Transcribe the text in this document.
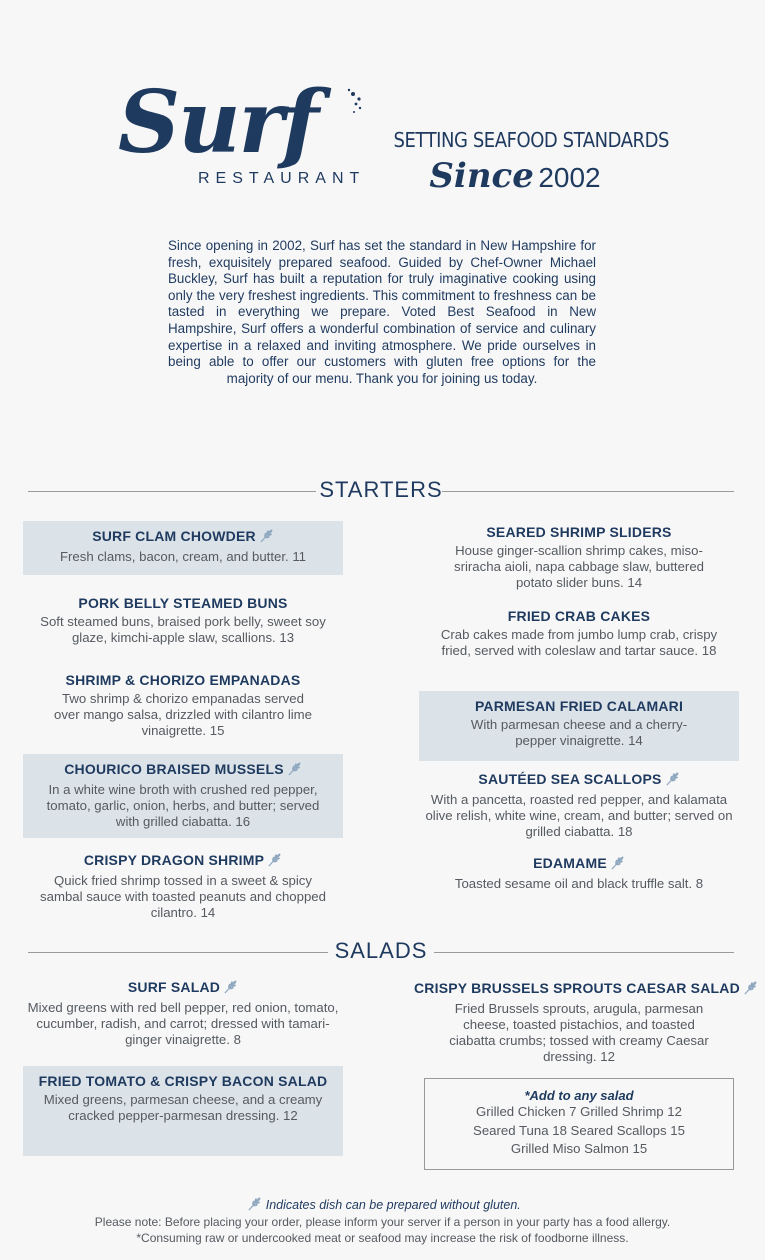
Surf
RESTAURANT
SETTING SEAFOOD STANDARDS
Since 2002
Since opening in 2002, Surf has set the standard in New Hampshire for fresh, exquisitely prepared seafood. Guided by Chef-Owner Michael Buckley, Surf has built a reputation for truly imaginative cooking using only the very freshest ingredients. This commitment to freshness can be tasted in everything we prepare. Voted Best Seafood in New Hampshire, Surf offers a wonderful combination of service and culinary expertise in a relaxed and inviting atmosphere. We pride ourselves in being able to offer our customers with gluten free options for the majority of our menu. Thank you for joining us today.
STARTERS
SURF CLAM CHOWDER
Fresh clams, bacon, cream, and butter. 11
PORK BELLY STEAMED BUNS
Soft steamed buns, braised pork belly, sweet soy glaze, kimchi-apple slaw, scallions. 13
SHRIMP & CHORIZO EMPANADAS
Two shrimp & chorizo empanadas served over mango salsa, drizzled with cilantro lime vinaigrette. 15
CHOURICO BRAISED MUSSELS
In a white wine broth with crushed red pepper, tomato, garlic, onion, herbs, and butter; served with grilled ciabatta. 16
CRISPY DRAGON SHRIMP
Quick fried shrimp tossed in a sweet & spicy sambal sauce with toasted peanuts and chopped cilantro. 14
SEARED SHRIMP SLIDERS
House ginger-scallion shrimp cakes, miso-sriracha aioli, napa cabbage slaw, buttered potato slider buns. 14
FRIED CRAB CAKES
Crab cakes made from jumbo lump crab, crispy fried, served with coleslaw and tartar sauce. 18
PARMESAN FRIED CALAMARI
With parmesan cheese and a cherry-pepper vinaigrette. 14
SAUTÉED SEA SCALLOPS
With a pancetta, roasted red pepper, and kalamata olive relish, white wine, cream, and butter; served on grilled ciabatta. 18
EDAMAME
Toasted sesame oil and black truffle salt. 8
SALADS
SURF SALAD
Mixed greens with red bell pepper, red onion, tomato, cucumber, radish, and carrot; dressed with tamari-ginger vinaigrette. 8
FRIED TOMATO & CRISPY BACON SALAD
Mixed greens, parmesan cheese, and a creamy cracked pepper-parmesan dressing. 12
CRISPY BRUSSELS SPROUTS CAESAR SALAD
Fried Brussels sprouts, arugula, parmesan cheese, toasted pistachios, and toasted ciabatta crumbs; tossed with creamy Caesar dressing. 12
*Add to any salad
Grilled Chicken 7 Grilled Shrimp 12
Seared Tuna 18 Seared Scallops 15
Grilled Miso Salmon 15
Indicates dish can be prepared without gluten.
Please note: Before placing your order, please inform your server if a person in your party has a food allergy.
*Consuming raw or undercooked meat or seafood may increase the risk of foodborne illness.
